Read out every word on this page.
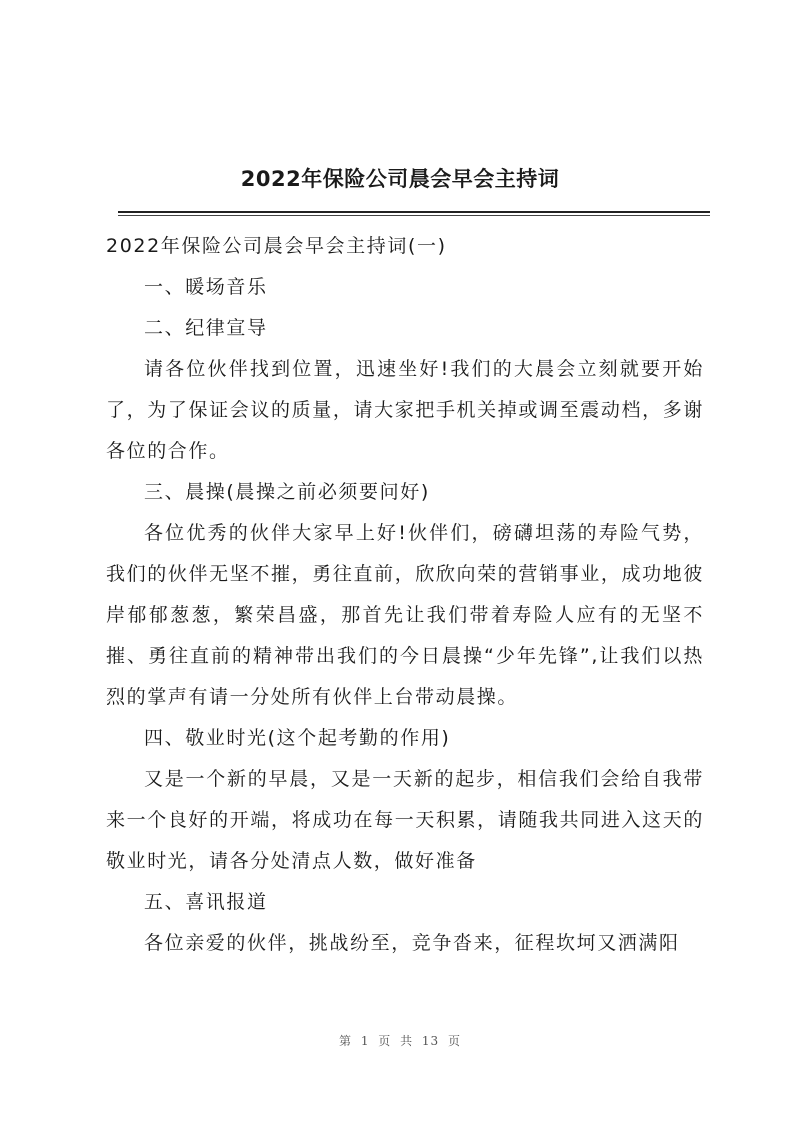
2022年保险公司晨会早会主持词

2022年保险公司晨会早会主持词(一)

一、暖场音乐

二、纪律宣导

请各位伙伴找到位置，迅速坐好!我们的大晨会立刻就要开始了，为了保证会议的质量，请大家把手机关掉或调至震动档，多谢各位的合作。

三、晨操(晨操之前必须要问好)

各位优秀的伙伴大家早上好!伙伴们，磅礴坦荡的寿险气势，我们的伙伴无坚不摧，勇往直前，欣欣向荣的营销事业，成功地彼岸郁郁葱葱，繁荣昌盛，那首先让我们带着寿险人应有的无坚不摧、勇往直前的精神带出我们的今日晨操“少年先锋”,让我们以热烈的掌声有请一分处所有伙伴上台带动晨操。

四、敬业时光(这个起考勤的作用)

又是一个新的早晨，又是一天新的起步，相信我们会给自我带来一个良好的开端，将成功在每一天积累，请随我共同进入这天的敬业时光，请各分处清点人数，做好准备

五、喜讯报道

各位亲爱的伙伴，挑战纷至，竞争沓来，征程坎坷又洒满阳

第 1 页 共 13 页
